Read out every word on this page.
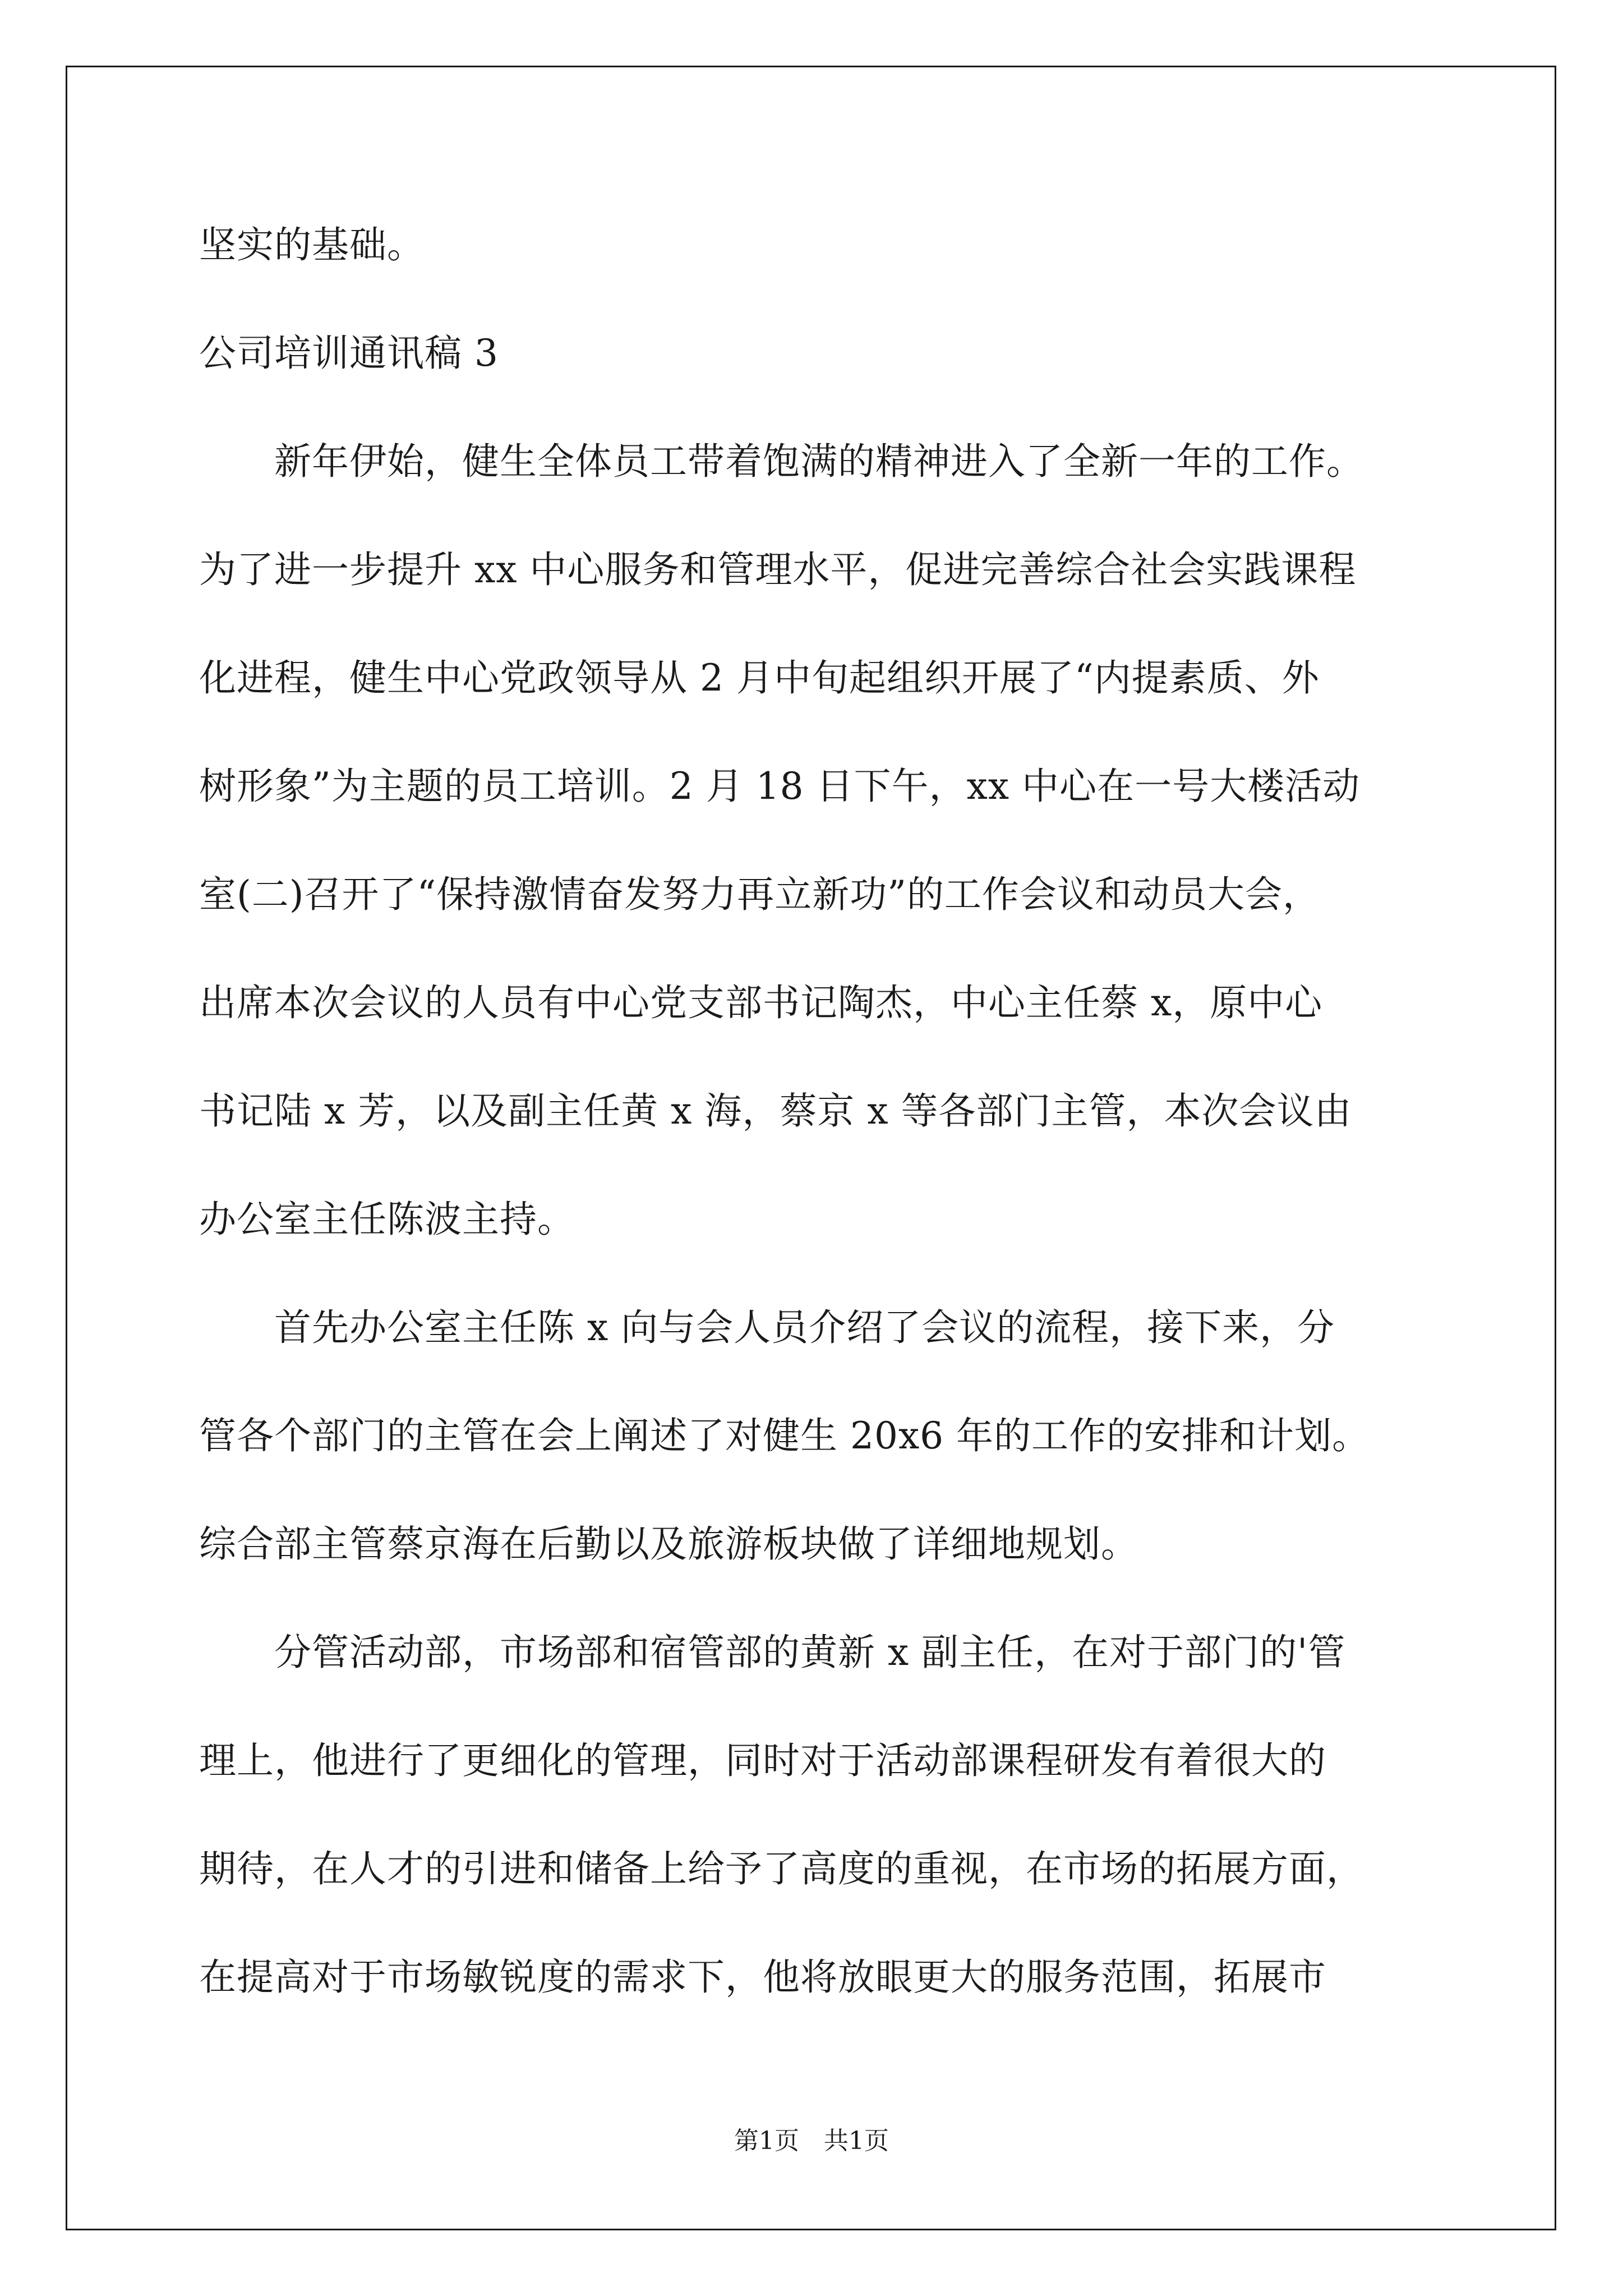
坚实的基础。
公司培训通讯稿 3
　　新年伊始，健生全体员工带着饱满的精神进入了全新一年的工作。
为了进一步提升 xx 中心服务和管理水平，促进完善综合社会实践课程
化进程，健生中心党政领导从 2 月中旬起组织开展了“内提素质、外
树形象”为主题的员工培训。2 月 18 日下午，xx 中心在一号大楼活动
室(二)召开了“保持激情奋发努力再立新功”的工作会议和动员大会，
出席本次会议的人员有中心党支部书记陶杰，中心主任蔡 x，原中心
书记陆 x 芳，以及副主任黄 x 海，蔡京 x 等各部门主管，本次会议由
办公室主任陈波主持。
　　首先办公室主任陈 x 向与会人员介绍了会议的流程，接下来，分
管各个部门的主管在会上阐述了对健生 20x6 年的工作的安排和计划。
综合部主管蔡京海在后勤以及旅游板块做了详细地规划。
　　分管活动部，市场部和宿管部的黄新 x 副主任，在对于部门的'管
理上，他进行了更细化的管理，同时对于活动部课程研发有着很大的
期待，在人才的引进和储备上给予了高度的重视，在市场的拓展方面，
在提高对于市场敏锐度的需求下，他将放眼更大的服务范围，拓展市
第1页　共1页
